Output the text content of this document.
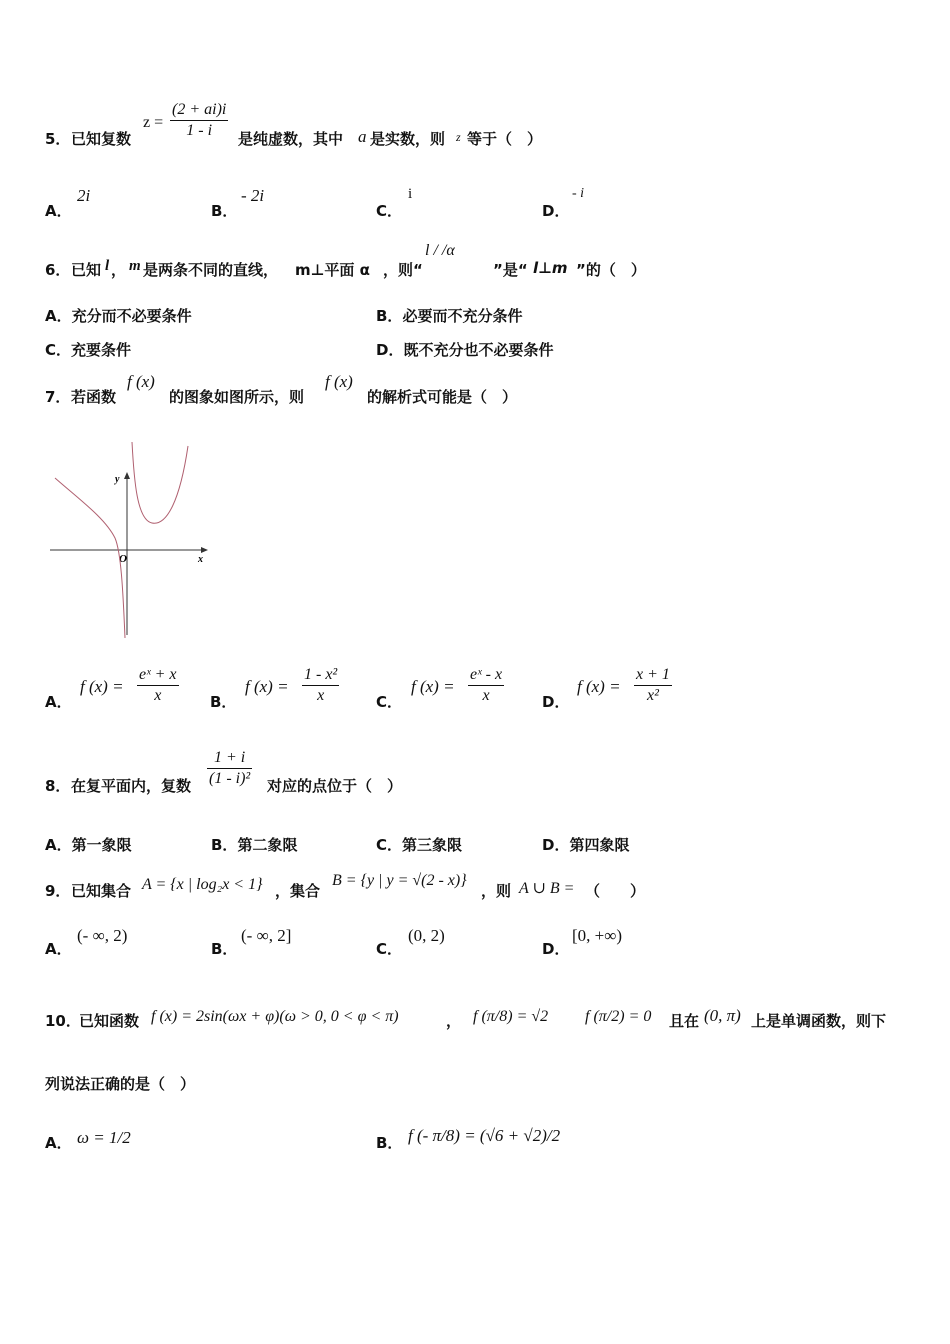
5． 已知复数
$z = \frac{(2 + ai)i}{1 - i}$ 是纯虚数，其中 a 是实数，则 z 等于（　）
A．
2i
B．
- 2i
C．
i
D．
- i
6． 已知 l ， m 是两条不同的直线， m⊥平面 α ，则“
l / /α
”是“ l⊥m ”的（　）
A．充分而不必要条件	B．必要而不充分条件
C．充要条件	D．既不充分也不必要条件
7． 若函数
f (x)
的图象如图所示，则
f (x)
的解析式可能是（　）
y
x
O
A．
f $(x) = \frac{\text{eˣ + x}}{x}$ B．
f $(x) = \frac{\text{1 - x²}}{x}$ C．
f $(x) = \frac{\text{eˣ - x}}{x}$	D．
f $(x) = \frac{x + 1}{\text{x²}}$
8． 在复平面内，复数 $\frac{1 + i}{\text{(1 - i)²}}$ 对应的点位于（　）
A．第一象限	B．第二象限	C．第三象限	D．第四象限
9． 已知集合 A = {x | log₂x < 1} ，集合
B = {y | y = √(2 - x)}
，则 A ∪ B = （　　）
A．
(- ∞, 2)
B．
(- ∞, 2]
C．
(0, 2)
D．
[0, +∞)
10．
已知函数 f (x) = 2sin(ωx + φ)(ω > 0, 0 < φ < π)	， f (π/8) = √2 f (π/2) = 0 且在 (0, π) 上是单调函数，则下
列说法正确的是（　）
A． ω = 1/2	B． f (- π/8) = (√6 + √2)/2
